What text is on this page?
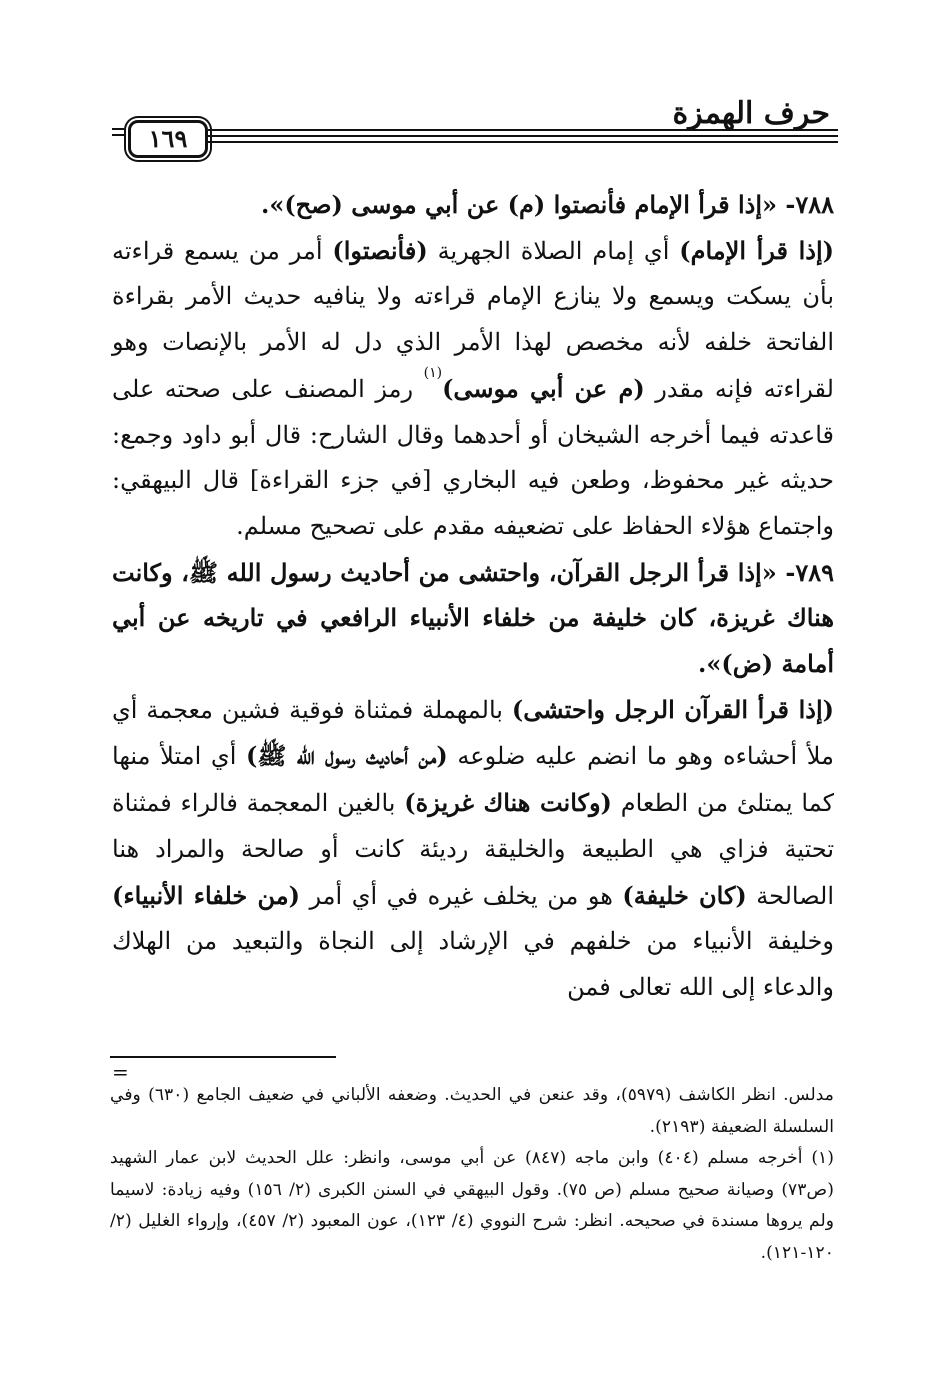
حرف الهمزة
١٦٩

٧٨٨- «إذا قرأ الإمام فأنصتوا (م) عن أبي موسى (صح)».

(إذا قرأ الإمام) أي إمام الصلاة الجهرية (فأنصتوا) أمر من يسمع قراءته بأن يسكت ويسمع ولا ينازع الإمام قراءته ولا ينافيه حديث الأمر بقراءة الفاتحة خلفه لأنه مخصص لهذا الأمر الذي دل له الأمر بالإنصات وهو لقراءته فإنه مقدر (م عن أبي موسى)$^{(١)}$ رمز المصنف على صحته على قاعدته فيما أخرجه الشيخان أو أحدهما وقال الشارح: قال أبو داود وجمع: حديثه غير محفوظ، وطعن فيه البخاري [في جزء القراءة] قال البيهقي: واجتماع هؤلاء الحفاظ على تضعيفه مقدم على تصحيح مسلم.

٧٨٩- «إذا قرأ الرجل القرآن، واحتشى من أحاديث رسول الله ﷺ، وكانت هناك غريزة، كان خليفة من خلفاء الأنبياء الرافعي في تاريخه عن أبي أمامة (ض)».

(إذا قرأ القرآن الرجل واحتشى) بالمهملة فمثناة فوقية فشين معجمة أي ملأ أحشاءه وهو ما انضم عليه ضلوعه (من أحاديث رسول الله ﷺ) أي امتلأ منها كما يمتلئ من الطعام (وكانت هناك غريزة) بالغين المعجمة فالراء فمثناة تحتية فزاي هي الطبيعة والخليقة رديئة كانت أو صالحة والمراد هنا الصالحة (كان خليفة) هو من يخلف غيره في أي أمر (من خلفاء الأنبياء) وخليفة الأنبياء من خلفهم في الإرشاد إلى النجاة والتبعيد من الهلاك والدعاء إلى الله تعالى فمن

=

مدلس. انظر الكاشف (٥٩٧٩)، وقد عنعن في الحديث. وضعفه الألباني في ضعيف الجامع (٦٣٠) وفي السلسلة الضعيفة (٢١٩٣).

(١) أخرجه مسلم (٤٠٤) وابن ماجه (٨٤٧) عن أبي موسى، وانظر: علل الحديث لابن عمار الشهيد (ص٧٣) وصيانة صحيح مسلم (ص ٧٥). وقول البيهقي في السنن الكبرى (٢/ ١٥٦) وفيه زيادة: لاسيما ولم يروها مسندة في صحيحه. انظر: شرح النووي (٤/ ١٢٣)، عون المعبود (٢/ ٤٥٧)، وإرواء الغليل (٢/ ١٢٠-١٢١).
